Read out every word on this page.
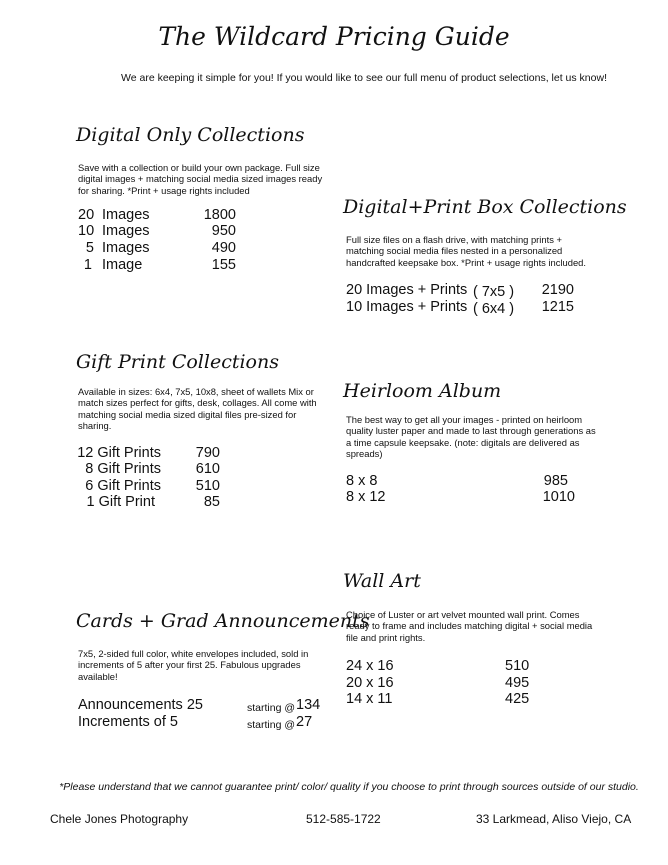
The Wildcard Pricing Guide
We are keeping it simple for you! If you would like to see our full menu of product selections, let us know!
Digital Only Collections
Save with a collection or build your own package. Full size digital images + matching social media sized images ready for sharing. *Print + usage rights included
20 Images	1800
10 Images	950
5 Images	490
1 Image	155
Digital+Print Box Collections
Full size files on a flash drive, with matching prints + matching social media files nested in a personalized handcrafted keepsake box. *Print + usage rights included.
20 Images + Prints ( 7x5 )	2190
10 Images + Prints ( 6x4 )	1215
Gift Print Collections
Available in sizes: 6x4, 7x5, 10x8, sheet of wallets Mix or match sizes perfect for gifts, desk, collages. All come with matching social media sized digital files pre-sized for sharing.
12 Gift Prints	790
8 Gift Prints	610
6 Gift Prints	510
1 Gift Print	85
Heirloom Album
The best way to get all your images - printed on heirloom quality luster paper and made to last through generations as a time capsule keepsake. (note: digitals are delivered as spreads)
8 x 8	985
8 x 12	1010
Wall Art
Choice of Luster or art velvet mounted wall print. Comes ready to frame and includes matching digital + social media file and print rights.
24 x 16	510
20 x 16	495
14 x 11	425
Cards + Grad Announcements
7x5, 2-sided full color, white envelopes included, sold in increments of 5 after your first 25. Fabulous upgrades available!
Announcements 25	starting @ 134
Increments of 5	starting @ 27
*Please understand that we cannot guarantee print/ color/ quality if you choose to print through sources outside of our studio.
Chele Jones Photography	512-585-1722	33 Larkmead, Aliso Viejo, CA
